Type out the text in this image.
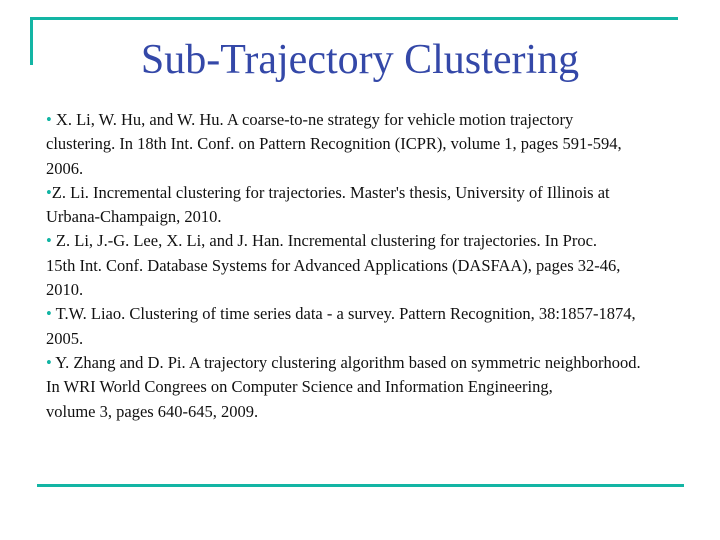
Sub-Trajectory Clustering
• X. Li, W. Hu, and W. Hu. A coarse-to-ne strategy for vehicle motion trajectory
clustering. In 18th Int. Conf. on Pattern Recognition (ICPR), volume 1, pages 591-594,
2006.
•Z. Li. Incremental clustering for trajectories. Master's thesis, University of Illinois at
Urbana-Champaign, 2010.
• Z. Li, J.-G. Lee, X. Li, and J. Han. Incremental clustering for trajectories. In Proc.
15th Int. Conf. Database Systems for Advanced Applications (DASFAA), pages 32-46,
2010.
• T.W. Liao. Clustering of time series data - a survey. Pattern Recognition, 38:1857-1874,
2005.
• Y. Zhang and D. Pi. A trajectory clustering algorithm based on symmetric neighborhood.
In WRI World Congrees on Computer Science and Information Engineering,
volume 3, pages 640-645, 2009.
